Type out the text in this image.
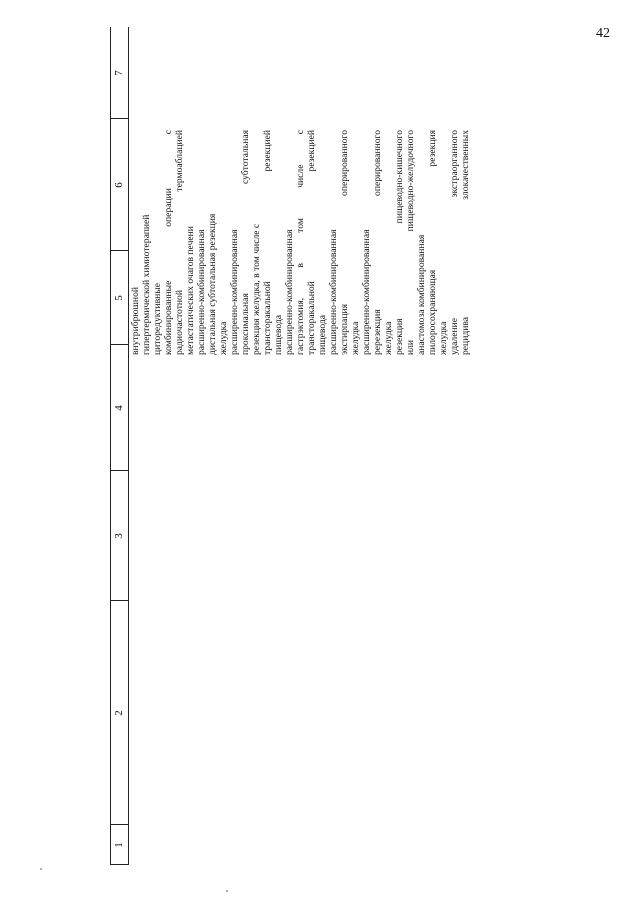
42
1
2
3
4
5
6
7
внутрибрюшной гипертермической химиотерапией циторедуктивные комбинированные
операции
с
радиочастотной
термоаблацией
метастатических очагов печени расширенно-комбинированная дистальная субтотальная резекция желудка расширенно-комбинированная проксимальная
субтотальная
резекция желудка, в том числе с трансторакальной
резекцией
пищевода расширенно-комбинированная гастрэктомия,
в
том
числе
с
трансторакальной
резекцией
пищевода расширенно-комбинированная экстирпация
оперированного
желудка расширенно-комбинированная ререзекция
оперированного
желудка резекция
пищеводно-кишечного
или
пищеводно-желудочного
анастомоза комбинированная пилоросохраняющая
резекция
желудка удаление
экстраорганного
рецидива
злокачественных
